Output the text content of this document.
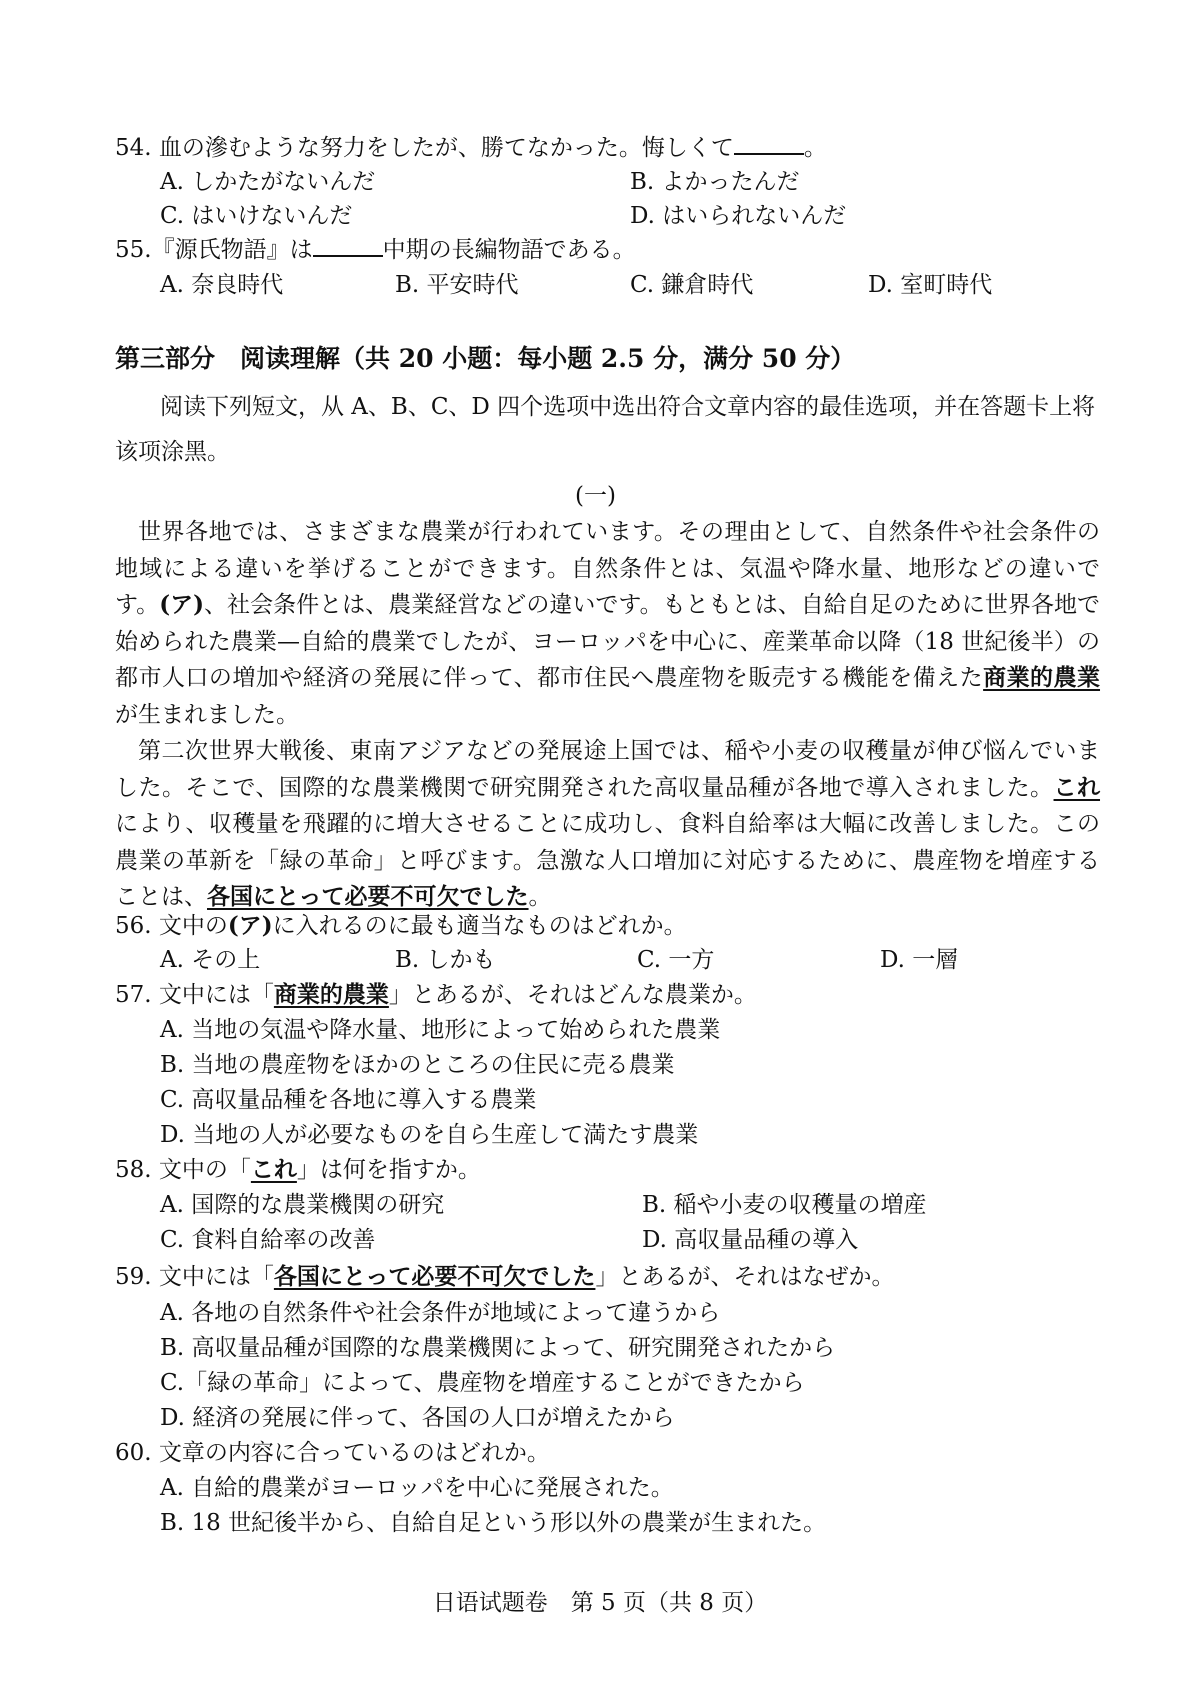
54. 血の滲むような努力をしたが、勝てなかった。悔しくて	。
A. しかたがないんだ	B. よかったんだ
C. はいけないんだ	D. はいられないんだ
55.『源氏物語』は	中期の長編物語である。
A. 奈良時代	B. 平安時代	C. 鎌倉時代	D. 室町時代
第三部分　阅读理解（共 20 小题：每小题 2.5 分，满分 50 分）
阅读下列短文，从 A、B、C、D 四个选项中选出符合文章内容的最佳选项，并在答题卡上将
该项涂黑。
(一)
世界各地では、さまざまな農業が行われています。その理由として、自然条件や社会条件の地域による違いを挙げることができます。自然条件とは、気温や降水量、地形などの違いです。(ア)、社会条件とは、農業経営などの違いです。もともとは、自給自足のために世界各地で始められた農業—自給的農業でしたが、ヨーロッパを中心に、産業革命以降（18 世紀後半）の都市人口の増加や経済の発展に伴って、都市住民へ農産物を販売する機能を備えた商業的農業が生まれました。
第二次世界大戦後、東南アジアなどの発展途上国では、稲や小麦の収穫量が伸び悩んでいました。そこで、国際的な農業機関で研究開発された高収量品種が各地で導入されました。これにより、収穫量を飛躍的に増大させることに成功し、食料自給率は大幅に改善しました。この農業の革新を「緑の革命」と呼びます。急激な人口増加に対応するために、農産物を増産することは、各国にとって必要不可欠でした。
56. 文中の(ア)に入れるのに最も適当なものはどれか。
A. その上	B. しかも	C. 一方	D. 一層
57. 文中には「商業的農業」とあるが、それはどんな農業か。
A. 当地の気温や降水量、地形によって始められた農業
B. 当地の農産物をほかのところの住民に売る農業
C. 高収量品種を各地に導入する農業
D. 当地の人が必要なものを自ら生産して満たす農業
58. 文中の「これ」は何を指すか。
A. 国際的な農業機関の研究	B. 稲や小麦の収穫量の増産
C. 食料自給率の改善	D. 高収量品種の導入
59. 文中には「各国にとって必要不可欠でした」とあるが、それはなぜか。
A. 各地の自然条件や社会条件が地域によって違うから
B. 高収量品種が国際的な農業機関によって、研究開発されたから
C.「緑の革命」によって、農産物を増産することができたから
D. 経済の発展に伴って、各国の人口が増えたから
60. 文章の内容に合っているのはどれか。
A. 自給的農業がヨーロッパを中心に発展された。
B. 18 世紀後半から、自給自足という形以外の農業が生まれた。
日语试题卷　第 5 页（共 8 页）
